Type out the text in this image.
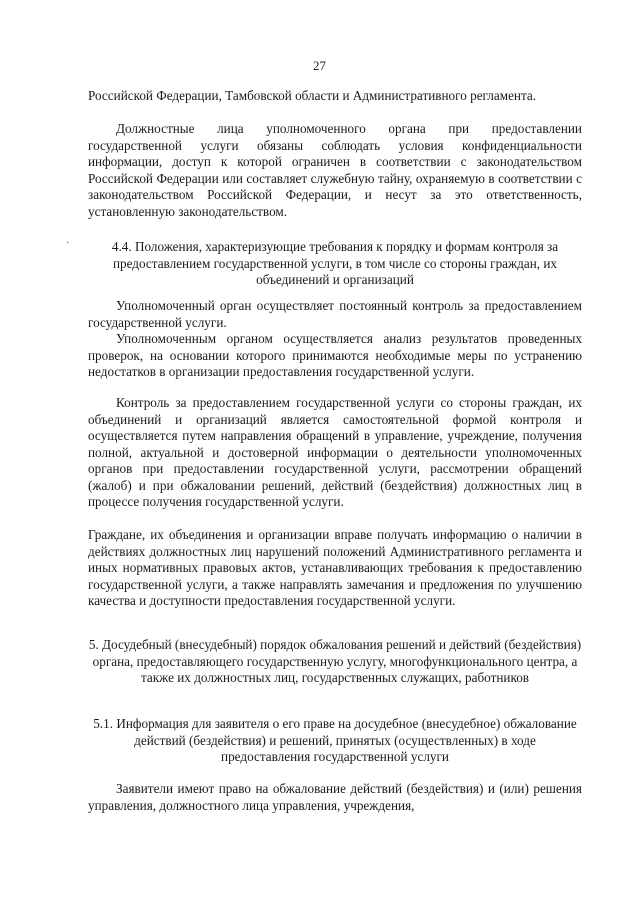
27

Российской Федерации, Тамбовской области и Административного регламента.

Должностные лица уполномоченного органа при предоставлении государственной услуги обязаны соблюдать условия конфиденциальности информации, доступ к которой ограничен в соответствии с законодательством Российской Федерации или составляет служебную тайну, охраняемую в соответствии с законодательством Российской Федерации, и несут за это ответственность, установленную законодательством.

·	4.4. Положения, характеризующие требования к порядку и формам контроля за предоставлением государственной услуги, в том числе со стороны граждан, их объединений и организаций

Уполномоченный орган осуществляет постоянный контроль за предоставлением государственной услуги.

Уполномоченным органом осуществляется анализ результатов проведенных проверок, на основании которого принимаются необходимые меры по устранению недостатков в организации предоставления государственной услуги.

Контроль за предоставлением государственной услуги со стороны граждан, их объединений и организаций является самостоятельной формой контроля и осуществляется путем направления обращений в управление, учреждение, получения полной, актуальной и достоверной информации о деятельности уполномоченных органов при предоставлении государственной услуги, рассмотрении обращений (жалоб) и при обжаловании решений, действий (бездействия) должностных лиц в процессе получения государственной услуги.

Граждане, их объединения и организации вправе получать информацию о наличии в действиях должностных лиц нарушений положений Административного регламента и иных нормативных правовых актов, устанавливающих требования к предоставлению государственной услуги, а также направлять замечания и предложения по улучшению качества и доступности предоставления государственной услуги.

5. Досудебный (внесудебный) порядок обжалования решений и действий (бездействия) органа, предоставляющего государственную услугу, многофункционального центра, а также их должностных лиц, государственных служащих, работников

5.1. Информация для заявителя о его праве на досудебное (внесудебное) обжалование действий (бездействия) и решений, принятых (осуществленных) в ходе предоставления государственной услуги

Заявители имеют право на обжалование действий (бездействия) и (или) решения управления, должностного лица управления, учреждения,
